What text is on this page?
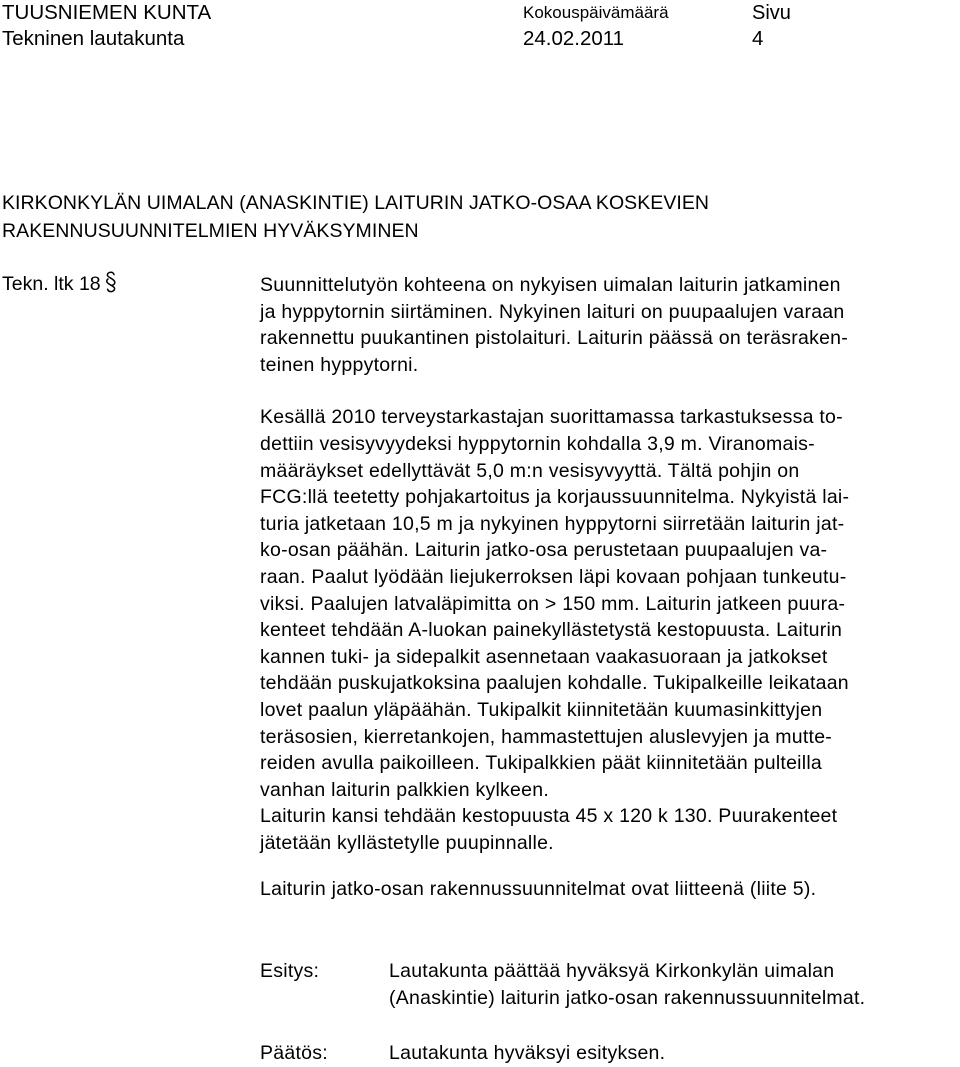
TUUSNIEMEN KUNTA
Tekninen lautakunta
Kokouspäivämäärä
24.02.2011
Sivu
4
KIRKONKYLÄN UIMALAN (ANASKINTIE) LAITURIN JATKO-OSAA KOSKEVIEN
RAKENNUSUUNNITELMIEN HYVÄKSYMINEN
Tekn. ltk 18	Suunnittelutyön kohteena on nykyisen uimalan laiturin jatkaminen
ja hyppytornin siirtäminen. Nykyinen laituri on puupaalujen varaan
rakennettu puukantinen pistolaituri. Laiturin päässä on teräsraken-
teinen hyppytorni.
Kesällä 2010 terveystarkastajan suorittamassa tarkastuksessa to-
dettiin vesisyvyydeksi hyppytornin kohdalla 3,9 m. Viranomais-
määräykset edellyttävät 5,0 m:n vesisyvyyttä. Tältä pohjin on
FCG:llä teetetty pohjakartoitus ja korjaussuunnitelma. Nykyistä lai-
turia jatketaan 10,5 m ja nykyinen hyppytorni siirretään laiturin jat-
ko-osan päähän. Laiturin jatko-osa perustetaan puupaalujen va-
raan. Paalut lyödään liejukerroksen läpi kovaan pohjaan tunkeutu-
viksi. Paalujen latvaläpimitta on > 150 mm. Laiturin jatkeen puura-
kenteet tehdään A-luokan painekyllästetystä kestopuusta. Laiturin
kannen tuki- ja sidepalkit asennetaan vaakasuoraan ja jatkokset
tehdään puskujatkoksina paalujen kohdalle. Tukipalkeille leikataan
lovet paalun yläpäähän. Tukipalkit kiinnitetään kuumasinkittyjen
teräsosien, kierretankojen, hammastettujen aluslevyjen ja mutte-
reiden avulla paikoilleen. Tukipalkkien päät kiinnitetään pulteilla
vanhan laiturin palkkien kylkeen.
Laiturin kansi tehdään kestopuusta 45 x 120 k 130. Puurakenteet
jätetään kyllästetylle puupinnalle.
Laiturin jatko-osan rakennussuunnitelmat ovat liitteenä (liite 5).
Esitys:	Lautakunta päättää hyväksyä Kirkonkylän uimalan
(Anaskintie) laiturin jatko-osan rakennussuunnitelmat.
Päätös:	Lautakunta hyväksyi esityksen.
